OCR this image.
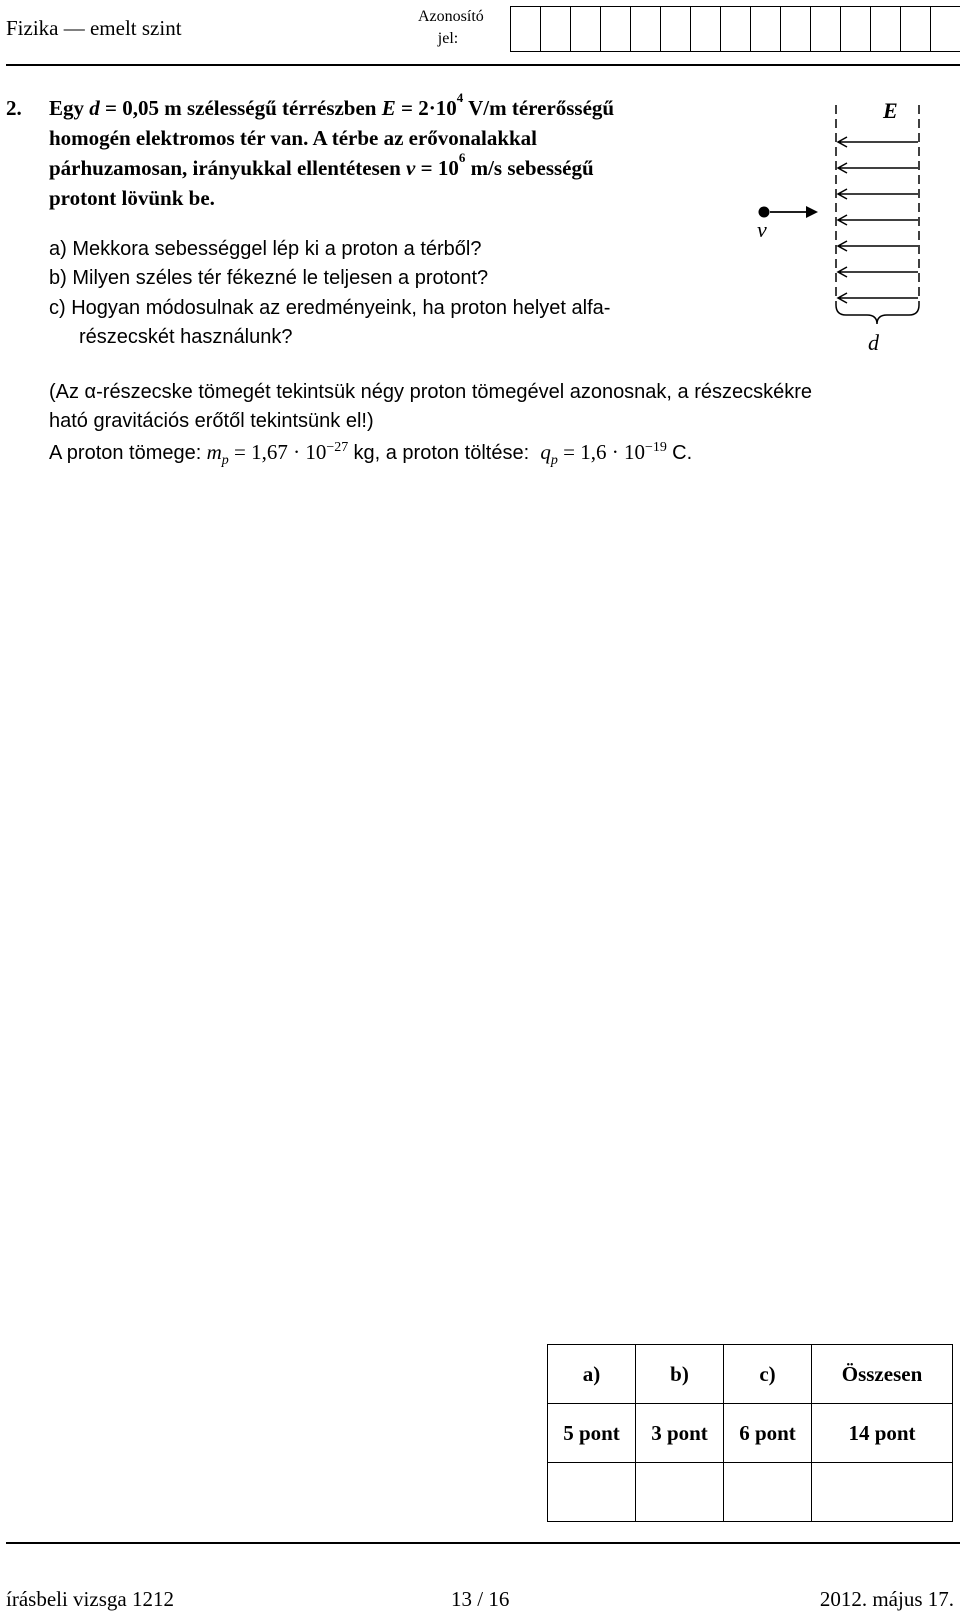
Fizika — emelt szint	Azonosító
jel:
2. Egy d = 0,05 m szélességű térrészben $E = 2\cdot 10^4$ V/m térerősségű
homogén elektromos tér van. A térbe az erővonalakkal
párhuzamosan, irányukkal ellentétesen $v = 10^6$ m/s sebességű
protont lövünk be.
a) Mekkora sebességgel lép ki a proton a térből?
b) Milyen széles tér fékezné le teljesen a protont?
c) Hogyan módosulnak az eredményeink, ha proton helyet alfa-
részecskét használunk?
E
v
d
(Az α-részecske tömegét tekintsük négy proton tömegével azonosnak, a részecskékre
ható gravitációs erőtől tekintsünk el!)
A proton tömege: $m_p = 1,67 \cdot 10^{-27}$ kg, a proton töltése: $q_p = 1,6 \cdot 10^{-19}$ C.
a)	b)	c)	Összesen
5 pont	3 pont	6 pont	14 pont

írásbeli vizsga 1212	13 / 16	2012. május 17.
